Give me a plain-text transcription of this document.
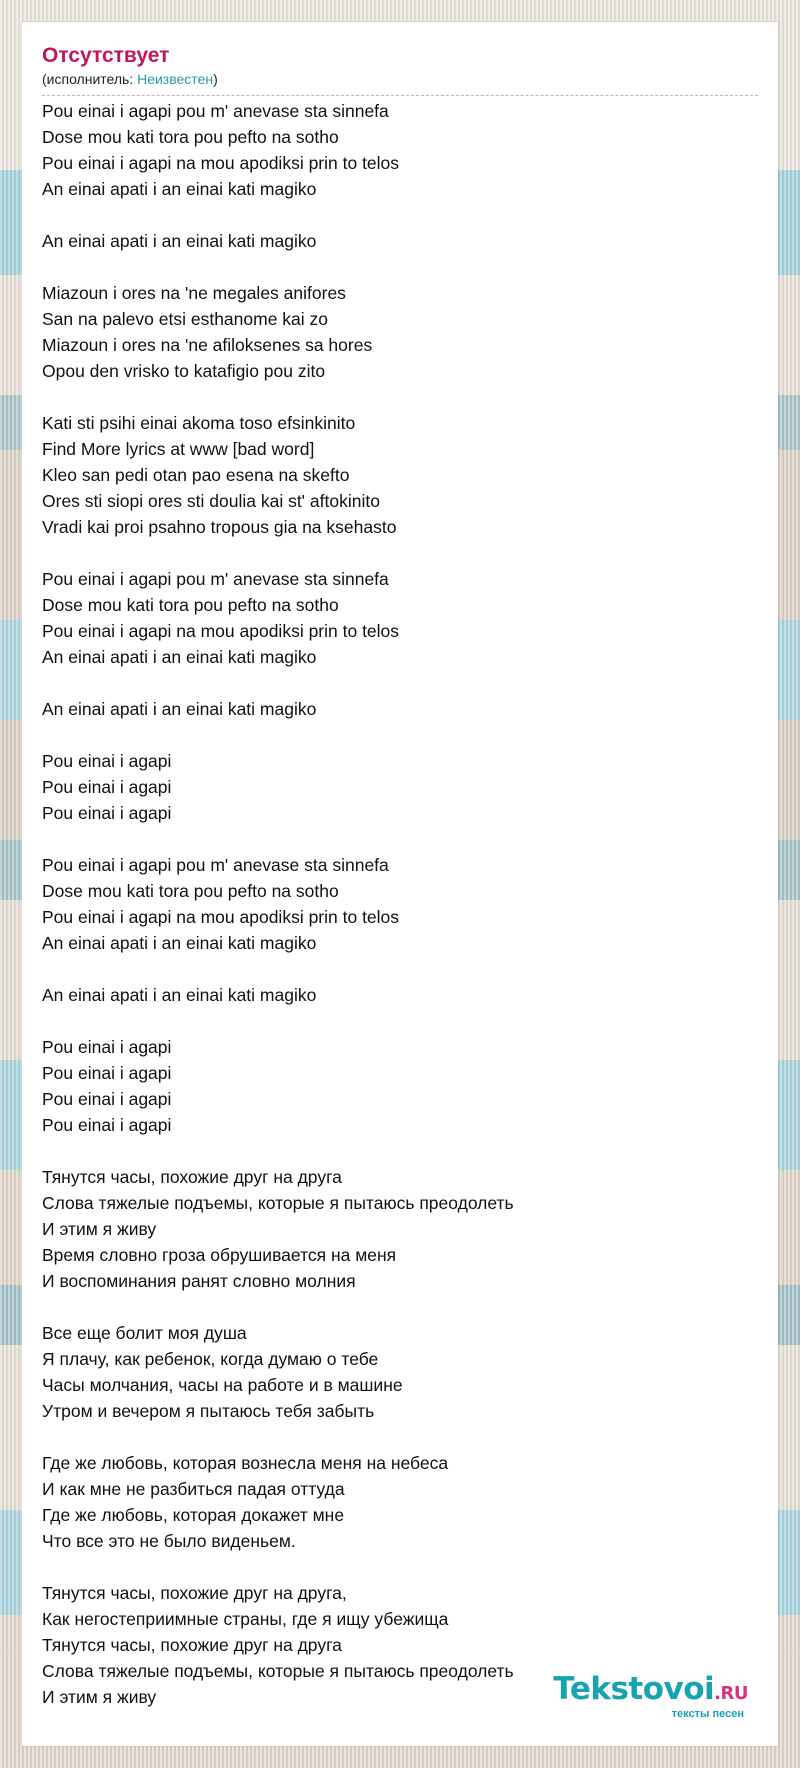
Отсутствует
(исполнитель: Неизвестен)
Pou einai i agapi pou m' anevase sta sinnefa
Dose mou kati tora pou pefto na sotho
Pou einai i agapi na mou apodiksi prin to telos
An einai apati i an einai kati magiko
An einai apati i an einai kati magiko
Miazoun i ores na 'ne megales anifores
San na palevo etsi esthanome kai zo
Miazoun i ores na 'ne afiloksenes sa hores
Opou den vrisko to katafigio pou zito
Kati sti psihi einai akoma toso efsinkinito
Find More lyrics at www [bad word]
Kleo san pedi otan pao esena na skefto
Ores sti siopi ores sti doulia kai st' aftokinito
Vradi kai proi psahno tropous gia na ksehasto
Pou einai i agapi pou m' anevase sta sinnefa
Dose mou kati tora pou pefto na sotho
Pou einai i agapi na mou apodiksi prin to telos
An einai apati i an einai kati magiko
An einai apati i an einai kati magiko
Pou einai i agapi
Pou einai i agapi
Pou einai i agapi
Pou einai i agapi pou m' anevase sta sinnefa
Dose mou kati tora pou pefto na sotho
Pou einai i agapi na mou apodiksi prin to telos
An einai apati i an einai kati magiko
An einai apati i an einai kati magiko
Pou einai i agapi
Pou einai i agapi
Pou einai i agapi
Pou einai i agapi
Тянутся часы, похожие друг на друга
Слова тяжелые подъемы, которые я пытаюсь преодолеть
И этим я живу
Время словно гроза обрушивается на меня
И воспоминания ранят словно молния
Все еще болит моя душа
Я плачу, как ребенок, когда думаю о тебе
Часы молчания, часы на работе и в машине
Утром и вечером я пытаюсь тебя забыть
Где же любовь, которая вознесла меня на небеса
И как мне не разбиться падая оттуда
Где же любовь, которая докажет мне
Что все это не было виденьем.
Тянутся часы, похожие друг на друга,
Как негостеприимные страны, где я ищу убежища
Тянутся часы, похожие друг на друга
Слова тяжелые подъемы, которые я пытаюсь преодолеть
И этим я живу	Tekstovoi.RU
тексты песен
